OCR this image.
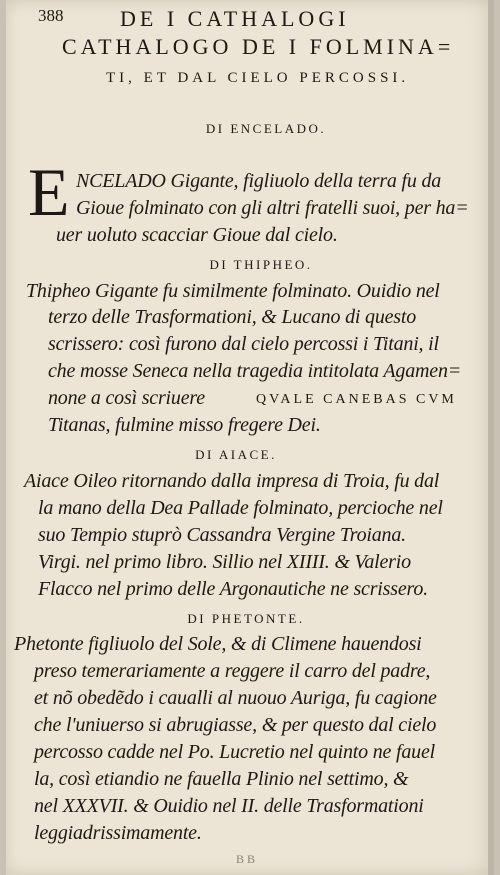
388	DE I CATHALOGI
CATHALOGO DE I FOLMINA=
TI, ET DAL CIELO PERCOSSI.
DI ENCELADO.
E NCELADO Gigante, figliuolo della terra fu da
Gioue folminato con gli altri fratelli suoi, per ha=
uer uoluto scacciar Gioue dal cielo.
DI THIPHEO.
Thipheo Gigante fu similmente folminato. Ouidio nel
terzo delle Trasformationi, & Lucano di questo
scrissero: così furono dal cielo percossi i Titani, il
che mosse Seneca nella tragedia intitolata Agamen=
none a così scriuere	QVALE CANEBAS CVM
Titanas, fulmine misso fregere Dei.
DI AIACE.
Aiace Oileo ritornando dalla impresa di Troia, fu dal
la mano della Dea Pallade folminato, percioche nel
suo Tempio stuprò Cassandra Vergine Troiana.
Virgi. nel primo libro. Sillio nel XIIII. & Valerio
Flacco nel primo delle Argonautiche ne scrissero.
DI PHETONTE.
Phetonte figliuolo del Sole, & di Climene hauendosi
preso temerariamente a reggere il carro del padre,
et nõ obedẽdo i caualli al nuouo Auriga, fu cagione
che l'uniuerso si abrugiasse, & per questo dal cielo
percosso cadde nel Po. Lucretio nel quinto ne fauel
la, così etiandio ne fauella Plinio nel settimo, &
nel XXXVII. & Ouidio nel II. delle Trasformationi
leggiadrissimamente.
BB
